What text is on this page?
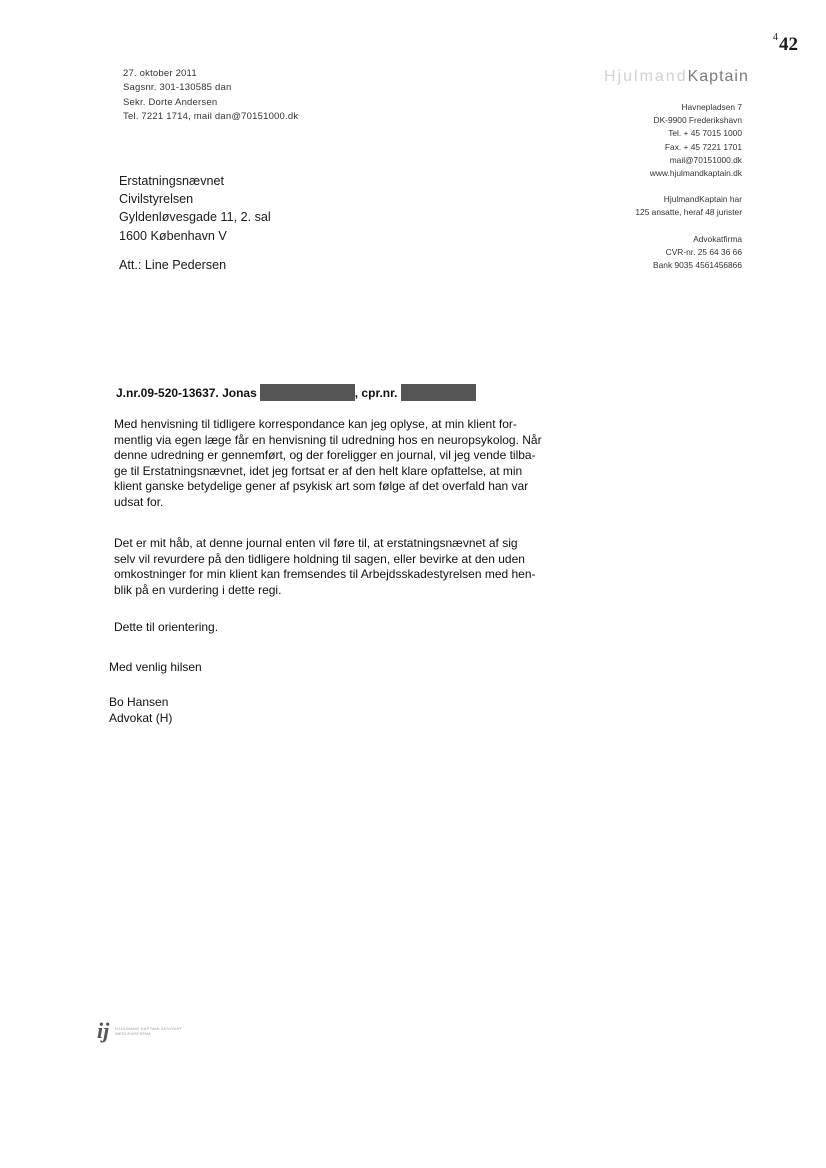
$^4$42
27. oktober 2011
Sagsnr. 301-130585 dan
Sekr. Dorte Andersen
Tel. 7221 1714, mail dan@70151000.dk
HjulmandKaptain
Havnepladsen 7
DK-9900 Frederikshavn
Tel. + 45 7015 1000
Fax. + 45 7221 1701
mail@70151000.dk
www.hjulmandkaptain.dk
HjulmandKaptain har
125 ansatte, heraf 48 jurister
Advokatfirma
CVR-nr. 25 64 36 66
Bank 9035 4561456866
Erstatningsnævnet
Civilstyrelsen
Gyldenløvesgade 11, 2. sal
1600 København V
Att.: Line Pedersen
J.nr.09-520-13637. Jonas	, cpr.nr.

Med henvisning til tidligere korrespondance kan jeg oplyse, at min klient for-

mentlig via egen læge får en henvisning til udredning hos en neuropsykolog. Når

denne udredning er gennemført, og der foreligger en journal, vil jeg vende tilba-

ge til Erstatningsnævnet, idet jeg fortsat er af den helt klare opfattelse, at min

klient ganske betydelige gener af psykisk art som følge af det overfald han var

udsat for.

Det er mit håb, at denne journal enten vil føre til, at erstatningsnævnet af sig

selv vil revurdere på den tidligere holdning til sagen, eller bevirke at den uden

omkostninger for min klient kan fremsendes til Arbejdsskadestyrelsen med hen-

blik på en vurdering i dette regi.

Dette til orientering.

Med venlig hilsen
Bo Hansen
Advokat (H)
ij HJULMAND KAPTAIN ADVOKAT
MEDLEMSFIRMA
